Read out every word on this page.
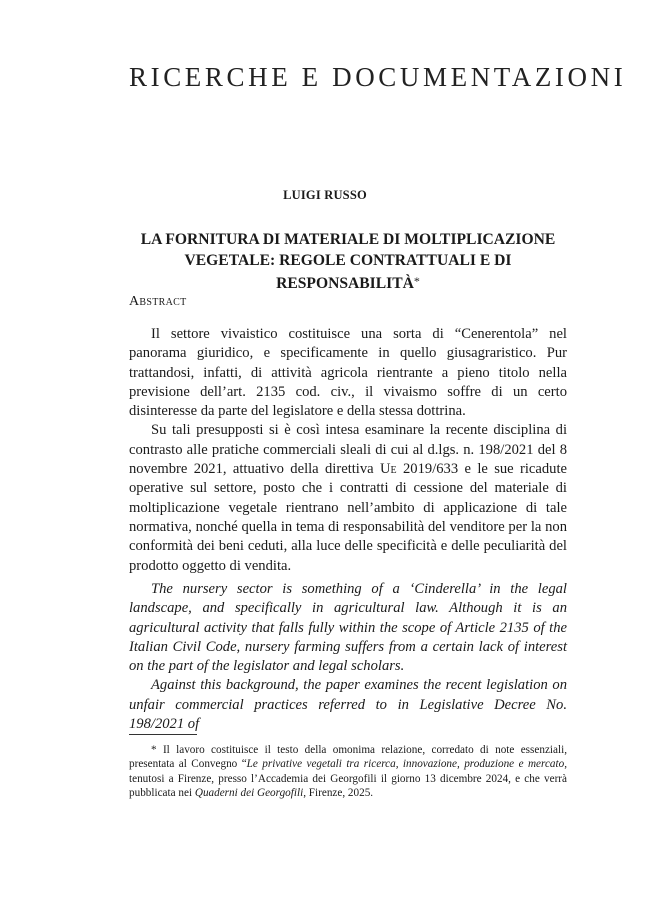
RICERCHE E DOCUMENTAZIONI
LUIGI RUSSO
LA FORNITURA DI MATERIALE DI MOLTIPLICAZIONE VEGETALE: REGOLE CONTRATTUALI E DI RESPONSABILITÀ*
Abstract

Il settore vivaistico costituisce una sorta di “Cenerentola” nel panorama giuridico, e specificamente in quello giusagraristico. Pur trattandosi, infatti, di attività agricola rientrante a pieno titolo nella previsione dell’art. 2135 cod. civ., il vivaismo soffre di un certo disinteresse da parte del legislatore e della stessa dottrina.

Su tali presupposti si è così intesa esaminare la recente disciplina di contrasto alle pratiche commerciali sleali di cui al d.lgs. n. 198/2021 del 8 novembre 2021, attuativo della direttiva Ue 2019/633 e le sue ricadute operative sul settore, posto che i contratti di cessione del materiale di moltiplicazione vegetale rientrano nell’ambito di applicazione di tale normativa, nonché quella in tema di responsabilità del venditore per la non conformità dei beni ceduti, alla luce delle specificità e delle peculiarità del prodotto oggetto di vendita.

The nursery sector is something of a ‘Cinderella’ in the legal landscape, and specifically in agricultural law. Although it is an agricultural activity that falls fully within the scope of Article 2135 of the Italian Civil Code, nursery farming suffers from a certain lack of interest on the part of the legislator and legal scholars.

Against this background, the paper examines the recent legislation on unfair commercial practices referred to in Legislative Decree No. 198/2021 of

* Il lavoro costituisce il testo della omonima relazione, corredato di note essenziali, presentata al Convegno “Le privative vegetali tra ricerca, innovazione, produzione e mercato, tenutosi a Firenze, presso l’Accademia dei Georgofili il giorno 13 dicembre 2024, e che verrà pubblicata nei Quaderni dei Georgofili, Firenze, 2025.
